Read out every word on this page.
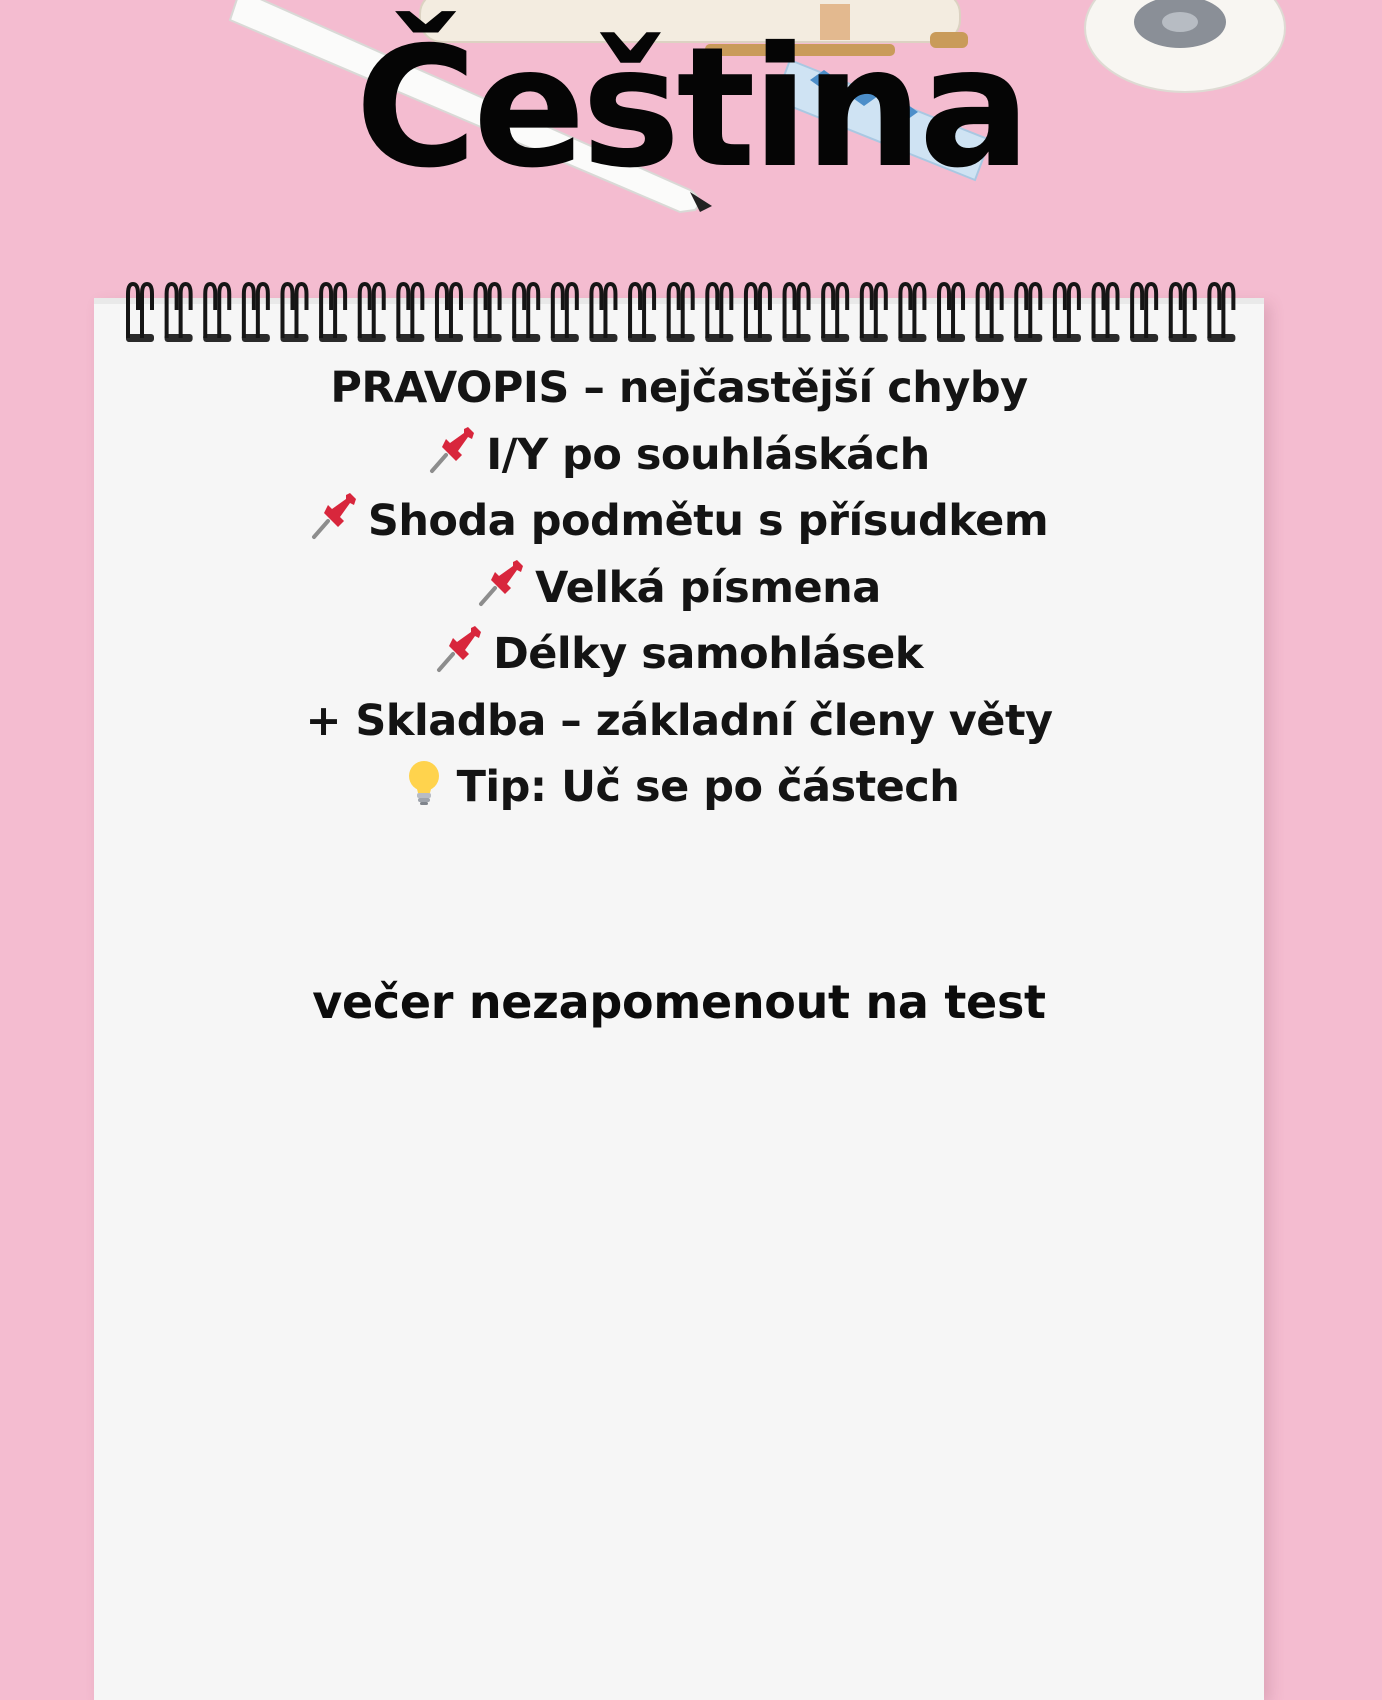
Čeština
PRAVOPIS – nejčastější chyby
I/Y po souhláskách
Shoda podmětu s přísudkem
Velká písmena
Délky samohlásek
+ Skladba – základní členy věty
Tip: Uč se po částech
večer nezapomenout na test
